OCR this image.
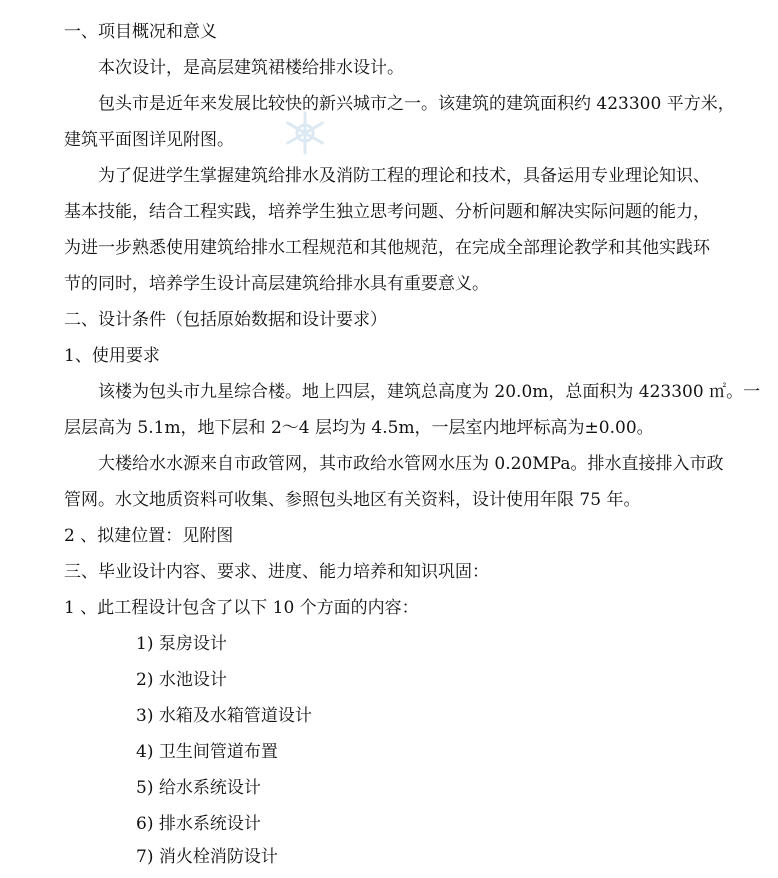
一、项目概况和意义
本次设计，是高层建筑裙楼给排水设计。
包头市是近年来发展比较快的新兴城市之一。该建筑的建筑面积约 423300 平方米，
建筑平面图详见附图。
为了促进学生掌握建筑给排水及消防工程的理论和技术，具备运用专业理论知识、
基本技能，结合工程实践，培养学生独立思考问题、分析问题和解决实际问题的能力，
为进一步熟悉使用建筑给排水工程规范和其他规范，在完成全部理论教学和其他实践环
节的同时，培养学生设计高层建筑给排水具有重要意义。
二、设计条件（包括原始数据和设计要求）
1、使用要求
该楼为包头市九星综合楼。地上四层，建筑总高度为 20.0m，总面积为 423300 ㎡。一
层层高为 5.1m，地下层和 2～4 层均为 4.5m，一层室内地坪标高为±0.00。
大楼给水水源来自市政管网，其市政给水管网水压为 0.20MPa。排水直接排入市政
管网。水文地质资料可收集、参照包头地区有关资料，设计使用年限 75 年。
2 、拟建位置：见附图
三、毕业设计内容、要求、进度、能力培养和知识巩固：
1 、此工程设计包含了以下 10 个方面的内容：
1) 泵房设计
2) 水池设计
3) 水箱及水箱管道设计
4) 卫生间管道布置
5) 给水系统设计
6) 排水系统设计
7) 消火栓消防设计
